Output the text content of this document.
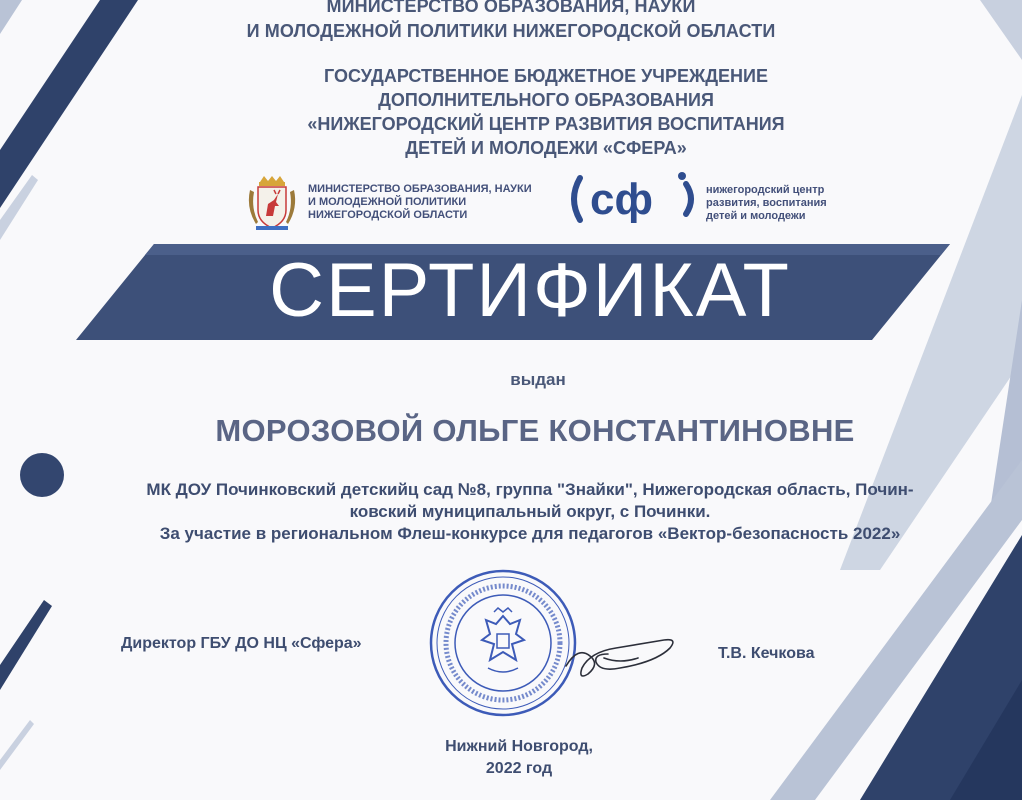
МИНИСТЕРСТВО ОБРАЗОВАНИЯ, НАУКИ
И МОЛОДЕЖНОЙ ПОЛИТИКИ НИЖЕГОРОДСКОЙ ОБЛАСТИ
ГОСУДАРСТВЕННОЕ БЮДЖЕТНОЕ УЧРЕЖДЕНИЕ
ДОПОЛНИТЕЛЬНОГО ОБРАЗОВАНИЯ
«НИЖЕГОРОДСКИЙ ЦЕНТР РАЗВИТИЯ ВОСПИТАНИЯ
ДЕТЕЙ И МОЛОДЕЖИ «СФЕРА»
МИНИСТЕРСТВО ОБРАЗОВАНИЯ, НАУКИ
И МОЛОДЕЖНОЙ ПОЛИТИКИ
НИЖЕГОРОДСКОЙ ОБЛАСТИ	сф	нижегородский центр
развития, воспитания
детей и молодежи
СЕРТИФИКАТ
выдан
МОРОЗОВОЙ ОЛЬГЕ КОНСТАНТИНОВНЕ
МК ДОУ Починковский детскийц сад №8, группа "Знайки", Нижегородская область, Почин-
ковский муниципальный округ, с Починки.
За участие в региональном Флеш-конкурсе для педагогов «Вектор-безопасность 2022»
Директор ГБУ ДО НЦ «Сфера»
Т.В. Кечкова
Нижний Новгород,
2022 год
